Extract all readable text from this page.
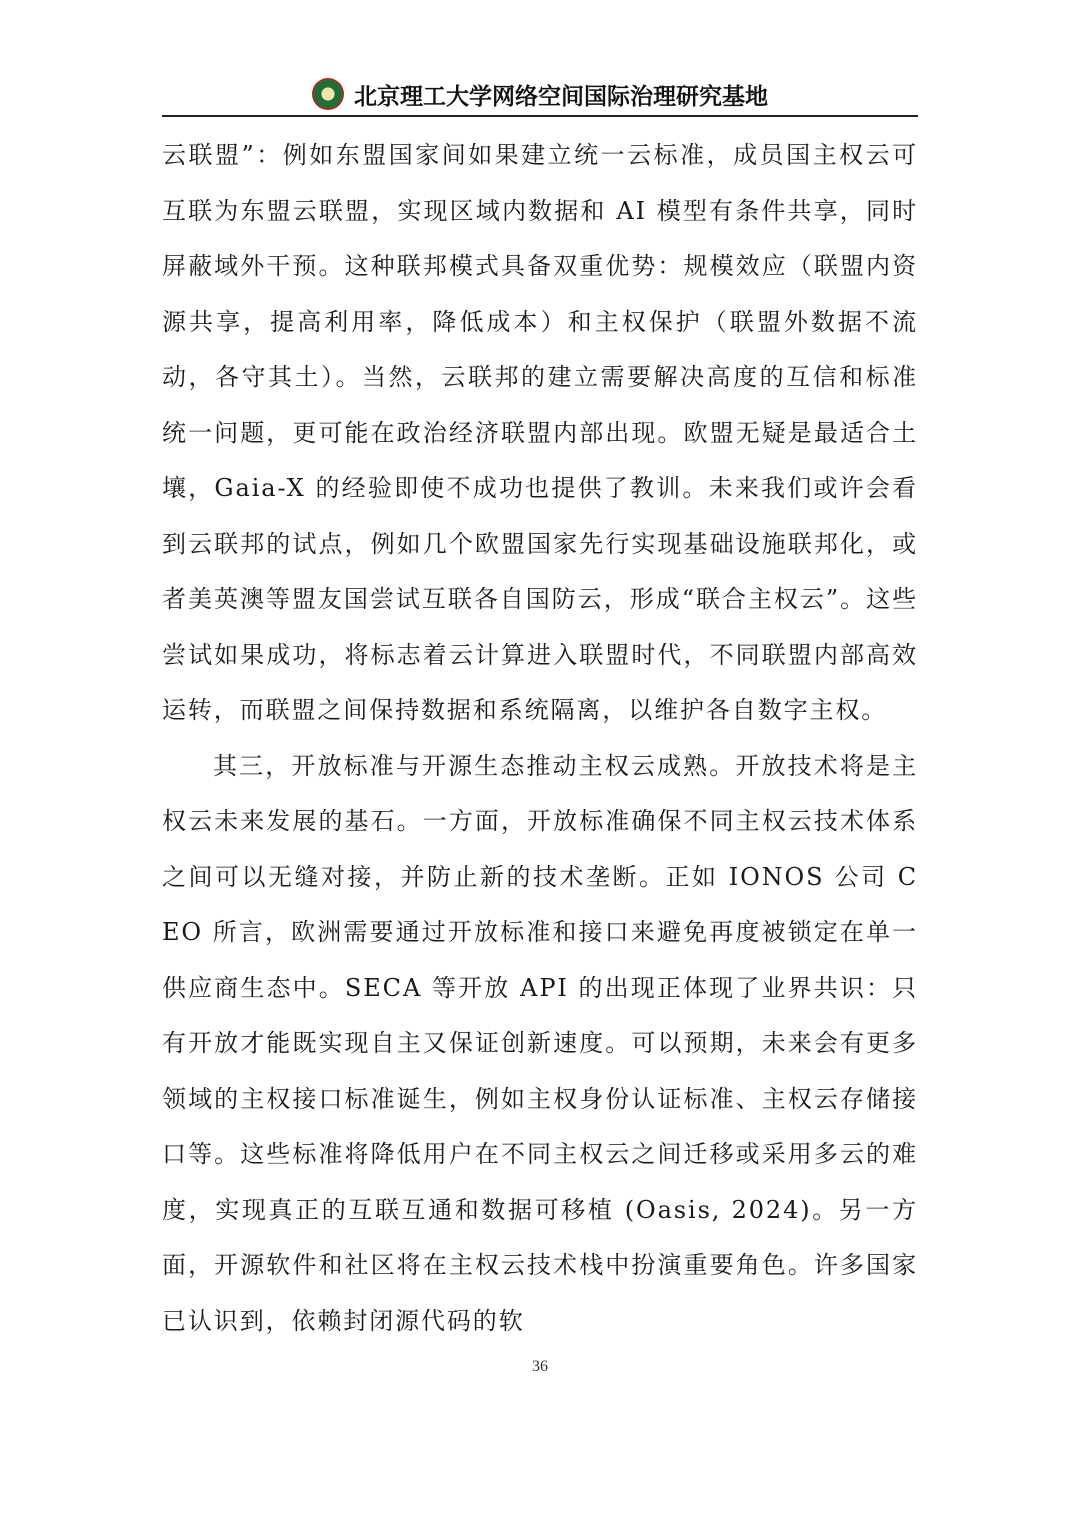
北京理工大学网络空间国际治理研究基地

云联盟”：例如东盟国家间如果建立统一云标准，成员国主权云可互联为东盟云联盟，实现区域内数据和 AI 模型有条件共享，同时屏蔽域外干预。这种联邦模式具备双重优势：规模效应（联盟内资源共享，提高利用率，降低成本）和主权保护（联盟外数据不流动，各守其土）。当然，云联邦的建立需要解决高度的互信和标准统一问题，更可能在政治经济联盟内部出现。欧盟无疑是最适合土壤，Gaia-X 的经验即使不成功也提供了教训。未来我们或许会看到云联邦的试点，例如几个欧盟国家先行实现基础设施联邦化，或者美英澳等盟友国尝试互联各自国防云，形成“联合主权云”。这些尝试如果成功，将标志着云计算进入联盟时代，不同联盟内部高效运转，而联盟之间保持数据和系统隔离，以维护各自数字主权。

其三，开放标准与开源生态推动主权云成熟。开放技术将是主权云未来发展的基石。一方面，开放标准确保不同主权云技术体系之间可以无缝对接，并防止新的技术垄断。正如 IONOS 公司 CEO 所言，欧洲需要通过开放标准和接口来避免再度被锁定在单一供应商生态中。SECA 等开放 API 的出现正体现了业界共识：只有开放才能既实现自主又保证创新速度。可以预期，未来会有更多领域的主权接口标准诞生，例如主权身份认证标准、主权云存储接口等。这些标准将降低用户在不同主权云之间迁移或采用多云的难度，实现真正的互联互通和数据可移植 (Oasis, 2024)。另一方面，开源软件和社区将在主权云技术栈中扮演重要角色。许多国家已认识到，依赖封闭源代码的软

36
